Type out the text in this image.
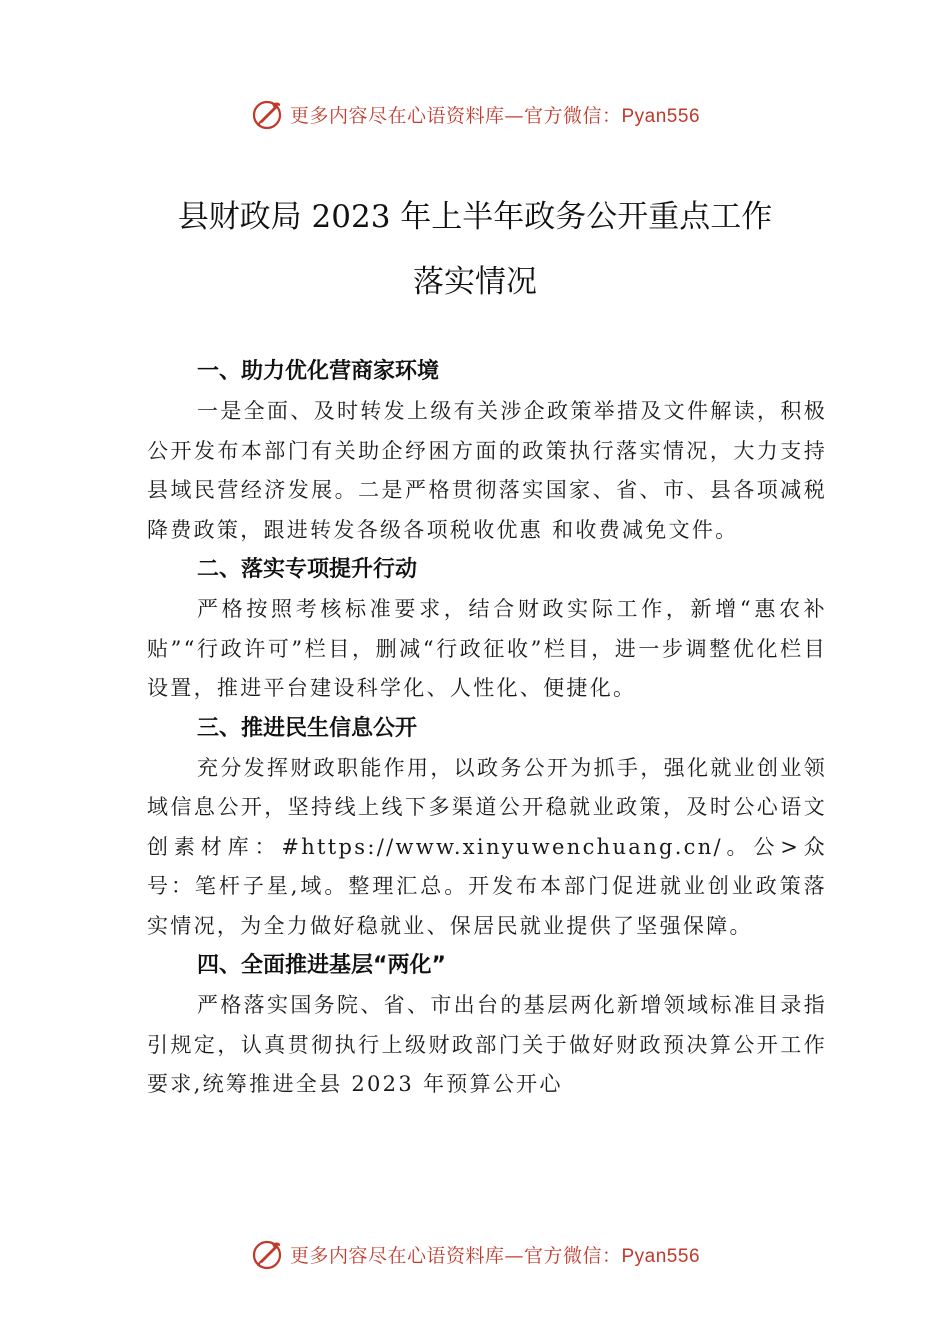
更多内容尽在心语资料库—官方微信：Pyan556
县财政局 2023 年上半年政务公开重点工作
落实情况
一、助力优化营商家环境

一是全面、及时转发上级有关涉企政策举措及文件解读，积极公开发布本部门有关助企纾困方面的政策执行落实情况，大力支持县域民营经济发展。二是严格贯彻落实国家、省、市、县各项减税降费政策，跟进转发各级各项税收优惠 和收费减免文件。

二、落实专项提升行动

严格按照考核标准要求，结合财政实际工作，新增“惠农补贴”“行政许可”栏目，删减“行政征收”栏目，进一步调整优化栏目设置，推进平台建设科学化、人性化、便捷化。

三、推进民生信息公开

充分发挥财政职能作用，以政务公开为抓手，强化就业创业领域信息公开，坚持线上线下多渠道公开稳就业政策，及时公心语文创素材库：#https://www.xinyuwenchuang.cn/。公>众号：笔杆子星,域。整理汇总。开发布本部门促进就业创业政策落实情况，为全力做好稳就业、保居民就业提供了坚强保障。

四、全面推进基层“两化”

严格落实国务院、省、市出台的基层两化新增领域标准目录指引规定，认真贯彻执行上级财政部门关于做好财政预决算公开工作要求,统筹推进全县 2023 年预算公开心

更多内容尽在心语资料库—官方微信：Pyan556
